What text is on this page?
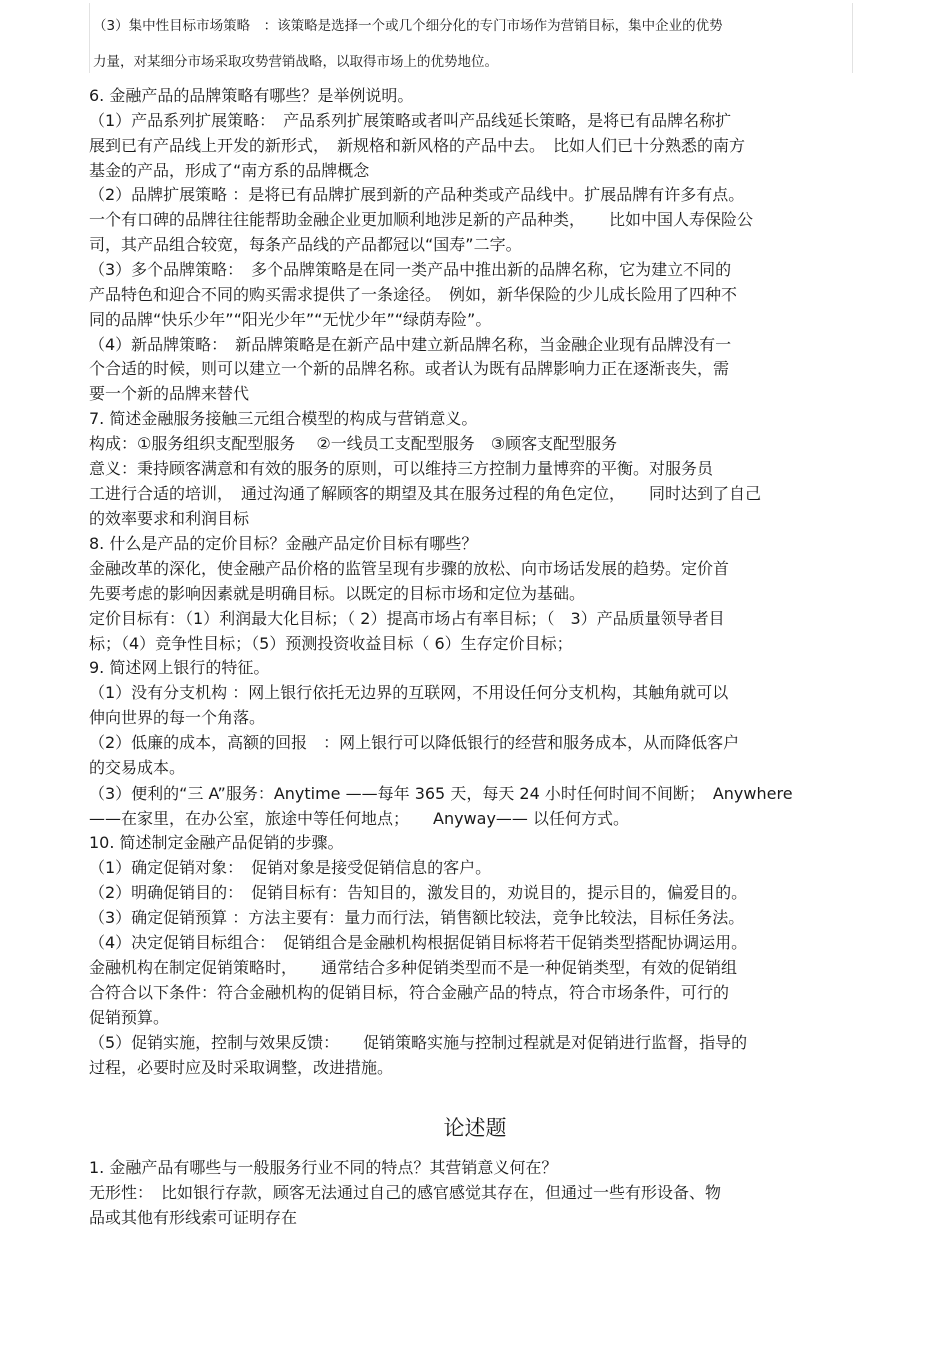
（3）集中性目标市场策略　：该策略是选择一个或几个细分化的专门市场作为营销目标，集中企业的优势
力量，对某细分市场采取攻势营销战略，以取得市场上的优势地位。
6. 金融产品的品牌策略有哪些？是举例说明。
（1）产品系列扩展策略：　产品系列扩展策略或者叫产品线延长策略，是将已有品牌名称扩
展到已有产品线上开发的新形式，　新规格和新风格的产品中去。　比如人们已十分熟悉的南方
基金的产品，形成了“南方系的品牌概念
（2）品牌扩展策略 ：是将已有品牌扩展到新的产品种类或产品线中。扩展品牌有许多有点。
一个有口碑的品牌往往能帮助金融企业更加顺利地涉足新的产品种类，　　比如中国人寿保险公
司，其产品组合较宽，每条产品线的产品都冠以“国寿”二字。
（3）多个品牌策略：　多个品牌策略是在同一类产品中推出新的品牌名称，它为建立不同的
产品特色和迎合不同的购买需求提供了一条途径。　例如，新华保险的少儿成长险用了四种不
同的品牌“快乐少年”“阳光少年”“无忧少年”“绿荫寿险”。
（4）新品牌策略：　新品牌策略是在新产品中建立新品牌名称，当金融企业现有品牌没有一
个合适的时候，则可以建立一个新的品牌名称。或者认为既有品牌影响力正在逐渐丧失，需
要一个新的品牌来替代
7. 简述金融服务接触三元组合模型的构成与营销意义。
构成：①服务组织支配型服务　 ②一线员工支配型服务　③顾客支配型服务
意义：秉持顾客满意和有效的服务的原则，可以维持三方控制力量博弈的平衡。对服务员
工进行合适的培训，　通过沟通了解顾客的期望及其在服务过程的角色定位，　　同时达到了自己
的效率要求和利润目标
8. 什么是产品的定价目标？金融产品定价目标有哪些？
金融改革的深化，使金融产品价格的监管呈现有步骤的放松、向市场话发展的趋势。定价首
先要考虑的影响因素就是明确目标。以既定的目标市场和定位为基础。
定价目标有：（1）利润最大化目标；（ 2）提高市场占有率目标；（　3）产品质量领导者目
标；（4）竞争性目标；（5）预测投资收益目标（ 6）生存定价目标；
9. 简述网上银行的特征。
（1）没有分支机构 ：网上银行依托无边界的互联网，不用设任何分支机构，其触角就可以
伸向世界的每一个角落。
（2）低廉的成本，高额的回报　：网上银行可以降低银行的经营和服务成本，从而降低客户
的交易成本。
（3）便利的“三 A”服务：Anytime ——每年 365 天，每天 24 小时任何时间不间断；　Anywhere
——在家里，在办公室，旅途中等任何地点；　　Anyway—— 以任何方式。
10. 简述制定金融产品促销的步骤。
（1）确定促销对象：　促销对象是接受促销信息的客户。
（2）明确促销目的：　促销目标有：告知目的，激发目的，劝说目的，提示目的，偏爱目的。
（3）确定促销预算 ：方法主要有：量力而行法，销售额比较法，竞争比较法，目标任务法。
（4）决定促销目标组合：　促销组合是金融机构根据促销目标将若干促销类型搭配协调运用。
金融机构在制定促销策略时，　　通常结合多种促销类型而不是一种促销类型，有效的促销组
合符合以下条件：符合金融机构的促销目标，符合金融产品的特点，符合市场条件，可行的
促销预算。
（5）促销实施，控制与效果反馈：　　促销策略实施与控制过程就是对促销进行监督，指导的
过程，必要时应及时采取调整，改进措施。
论述题
1. 金融产品有哪些与一般服务行业不同的特点？其营销意义何在？
无形性：　比如银行存款，顾客无法通过自己的感官感觉其存在，但通过一些有形设备、物
品或其他有形线索可证明存在
